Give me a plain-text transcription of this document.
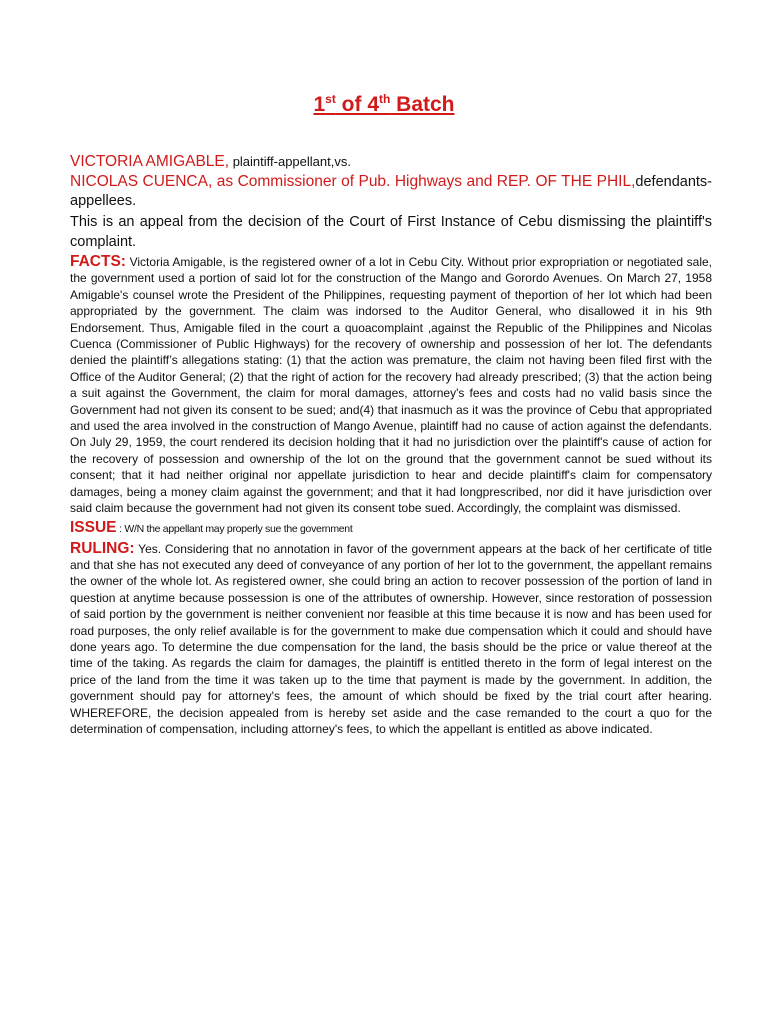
1st of 4th Batch

VICTORIA AMIGABLE, plaintiff-appellant,vs.
NICOLAS CUENCA, as Commissioner of Pub. Highways and REP. OF THE PHIL,defendants-appellees.

This is an appeal from the decision of the Court of First Instance of Cebu dismissing the plaintiff's complaint.

FACTS: Victoria Amigable, is the registered owner of a lot in Cebu City. Without prior expropriation or negotiated sale, the government used a portion of said lot for the construction of the Mango and Gorordo Avenues. On March 27, 1958 Amigable's counsel wrote the President of the Philippines, requesting payment of theportion of her lot which had been appropriated by the government. The claim was indorsed to the Auditor General, who disallowed it in his 9th Endorsement. Thus, Amigable filed in the court a quoacomplaint ,against the Republic of the Philippines and Nicolas Cuenca (Commissioner of Public Highways) for the recovery of ownership and possession of her lot. The defendants denied the plaintiff’s allegations stating: (1) that the action was premature, the claim not having been filed first with the Office of the Auditor General; (2) that the right of action for the recovery had already prescribed; (3) that the action being a suit against the Government, the claim for moral damages, attorney's fees and costs had no valid basis since the Government had not given its consent to be sued; and(4) that inasmuch as it was the province of Cebu that appropriated and used the area involved in the construction of Mango Avenue, plaintiff had no cause of action against the defendants. On July 29, 1959, the court rendered its decision holding that it had no jurisdiction over the plaintiff's cause of action for the recovery of possession and ownership of the lot on the ground that the government cannot be sued without its consent; that it had neither original nor appellate jurisdiction to hear and decide plaintiff's claim for compensatory damages, being a money claim against the government; and that it had longprescribed, nor did it have jurisdiction over said claim because the government had not given its consent tobe sued. Accordingly, the complaint was dismissed.

ISSUE : W/N the appellant may properly sue the government

RULING: Yes. Considering that no annotation in favor of the government appears at the back of her certificate of title and that she has not executed any deed of conveyance of any portion of her lot to the government, the appellant remains the owner of the whole lot. As registered owner, she could bring an action to recover possession of the portion of land in question at anytime because possession is one of the attributes of ownership. However, since restoration of possession of said portion by the government is neither convenient nor feasible at this time because it is now and has been used for road purposes, the only relief available is for the government to make due compensation which it could and should have done years ago. To determine the due compensation for the land, the basis should be the price or value thereof at the time of the taking. As regards the claim for damages, the plaintiff is entitled thereto in the form of legal interest on the price of the land from the time it was taken up to the time that payment is made by the government. In addition, the government should pay for attorney's fees, the amount of which should be fixed by the trial court after hearing. WHEREFORE, the decision appealed from is hereby set aside and the case remanded to the court a quo for the determination of compensation, including attorney's fees, to which the appellant is entitled as above indicated.
